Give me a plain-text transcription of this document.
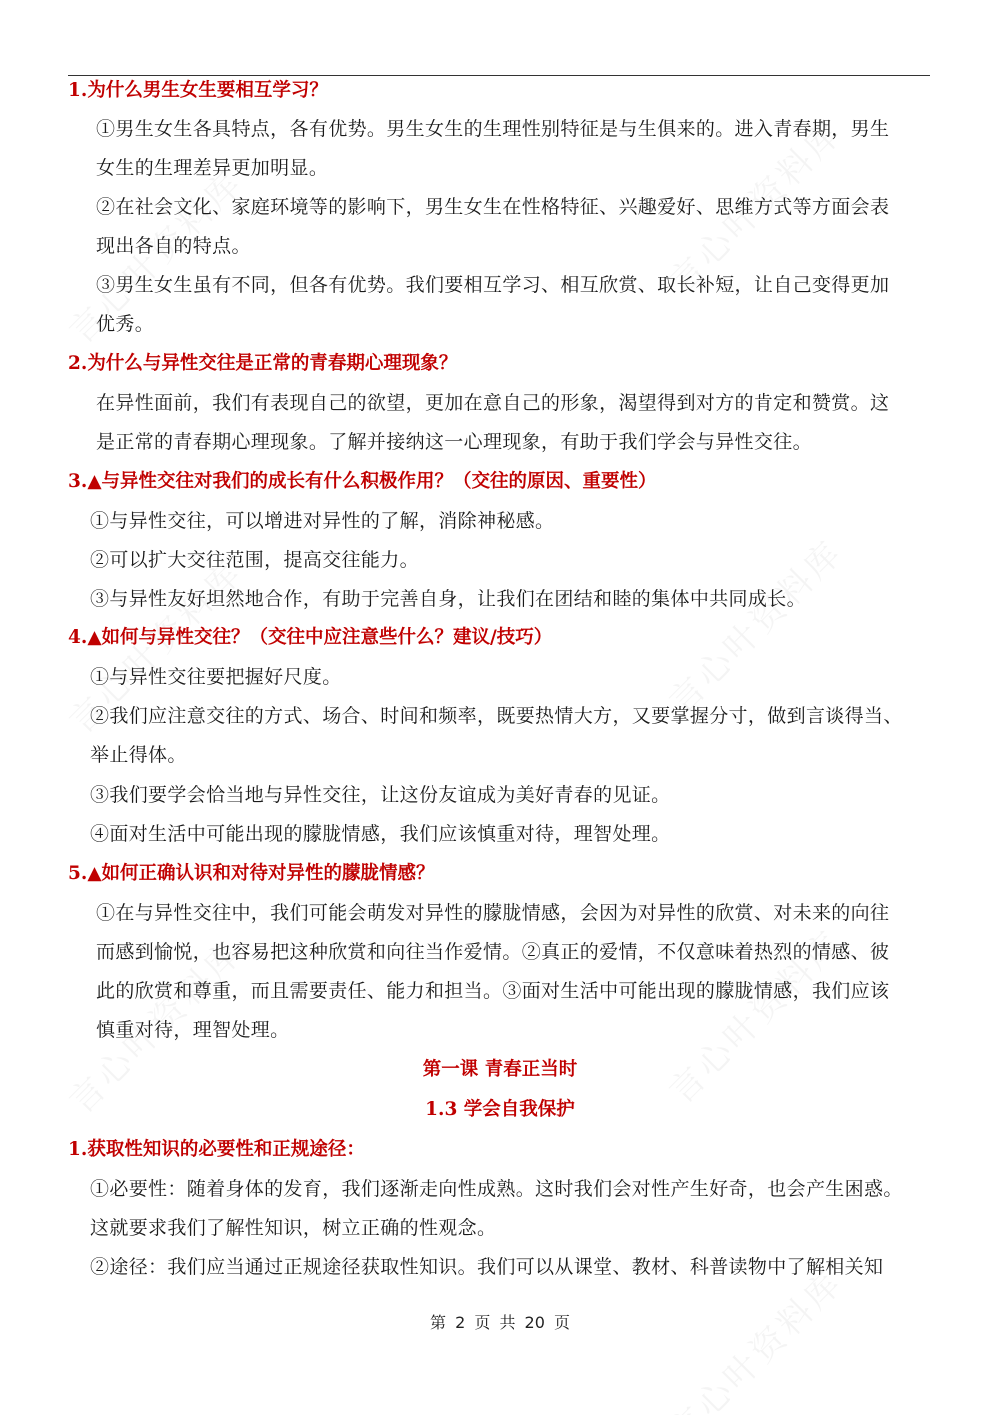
1.为什么男生女生要相互学习？
①男生女生各具特点，各有优势。男生女生的生理性别特征是与生俱来的。进入青春期，男生
女生的生理差异更加明显。
②在社会文化、家庭环境等的影响下，男生女生在性格特征、兴趣爱好、思维方式等方面会表
现出各自的特点。
③男生女生虽有不同，但各有优势。我们要相互学习、相互欣赏、取长补短，让自己变得更加
优秀。
2.为什么与异性交往是正常的青春期心理现象？
在异性面前，我们有表现自己的欲望，更加在意自己的形象，渴望得到对方的肯定和赞赏。这
是正常的青春期心理现象。了解并接纳这一心理现象，有助于我们学会与异性交往。
3.▲与异性交往对我们的成长有什么积极作用？（交往的原因、重要性）
①与异性交往，可以增进对异性的了解，消除神秘感。
②可以扩大交往范围，提高交往能力。
③与异性友好坦然地合作，有助于完善自身，让我们在团结和睦的集体中共同成长。
4.▲如何与异性交往？（交往中应注意些什么？建议/技巧）
①与异性交往要把握好尺度。
②我们应注意交往的方式、场合、时间和频率，既要热情大方，又要掌握分寸，做到言谈得当、
举止得体。
③我们要学会恰当地与异性交往，让这份友谊成为美好青春的见证。
④面对生活中可能出现的朦胧情感，我们应该慎重对待，理智处理。
5.▲如何正确认识和对待对异性的朦胧情感？
①在与异性交往中，我们可能会萌发对异性的朦胧情感，会因为对异性的欣赏、对未来的向往
而感到愉悦，也容易把这种欣赏和向往当作爱情。②真正的爱情，不仅意味着热烈的情感、彼
此的欣赏和尊重，而且需要责任、能力和担当。③面对生活中可能出现的朦胧情感，我们应该
慎重对待，理智处理。
第一课 青春正当时
1.3 学会自我保护
1.获取性知识的必要性和正规途径：
①必要性：随着身体的发育，我们逐渐走向性成熟。这时我们会对性产生好奇，也会产生困惑。
这就要求我们了解性知识，树立正确的性观念。
②途径：我们应当通过正规途径获取性知识。我们可以从课堂、教材、科普读物中了解相关知
第 2 页 共 20 页
